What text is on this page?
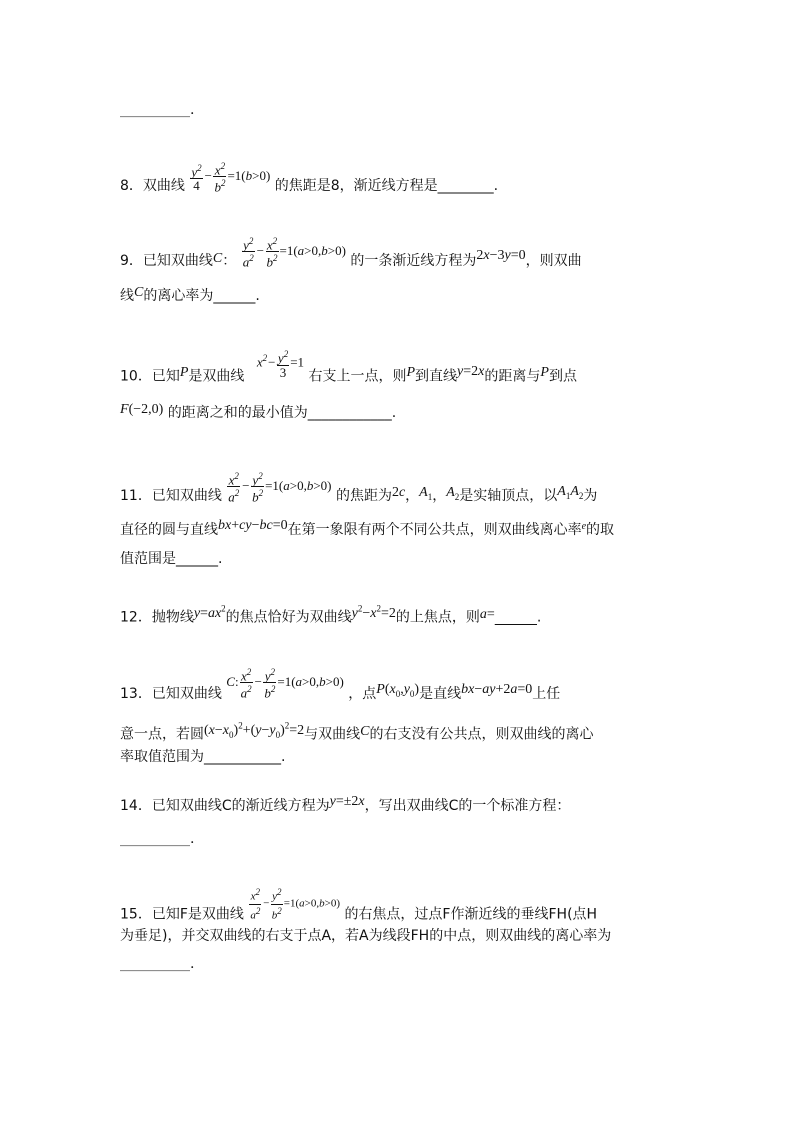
__________.
8．双曲线 $\frac{y^2}{4} - \frac{x^2}{b^2} =1(b>0)$ 的焦距是8，渐近线方程是________.
9．已知双曲线C： $\frac{y^2}{a^2} - \frac{x^2}{b^2} =1(a>0,b>0)$ 的一条渐近线方程为2x−3y=0，则双曲
线C的离心率为______.
10．已知P是双曲线 $x^2- \frac{y^2}{3} =1$ 右支上一点，则P到直线y=2x的距离与P到点
F(−2,0) 的距离之和的最小值为____________.
11．已知双曲线 $\frac{x^2}{a^2} - \frac{y^2}{b^2} =1(a>0,b>0)$ 的焦距为2c，$A_1$，$A_2$是实轴顶点，以$A_1A_2$为
直径的圆与直线bx+cy−bc=0在第一象限有两个不同公共点，则双曲线离心率$^e$的取
值范围是______.
12．抛物线$y=ax^2$的焦点恰好为双曲线$y^2-x^2=2$的上焦点，则a=______.
13．已知双曲线 C: $\frac{x^2}{a^2} - \frac{y^2}{b^2} =1(a>0,b>0)$ ，点$P(x_0,y_0)$是直线bx−ay+2a=0上任
意一点，若圆$(x-x_0)^2+(y-y_0)^2=2$与双曲线C的右支没有公共点，则双曲线的离心
率取值范围为___________.
14．已知双曲线C的渐近线方程为y=±2x，写出双曲线C的一个标准方程：
__________.
15．已知F是双曲线 $\frac{x^2}{a^2} - \frac{y^2}{b^2} =1(a>0,b>0)$ 的右焦点，过点F作渐近线的垂线FH(点H
为垂足)，并交双曲线的右支于点A，若A为线段FH的中点，则双曲线的离心率为
__________.
